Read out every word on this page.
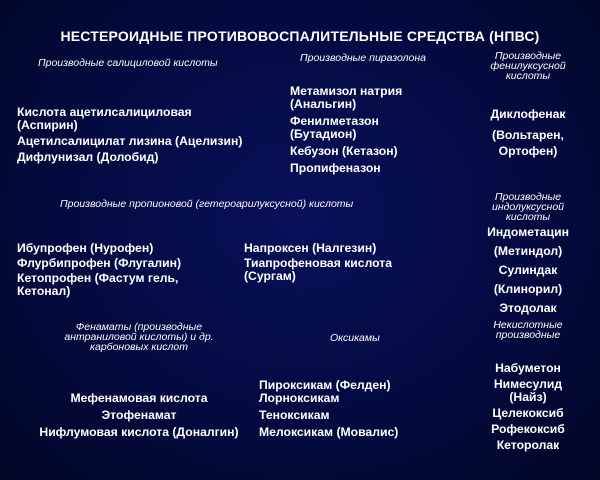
НЕСТЕРОИДНЫЕ ПРОТИВОВОСПАЛИТЕЛЬНЫЕ СРЕДСТВА (НПВС)
Производные салициловой кислоты	Производные пиразолона	Производные
фенилуксусной
кислоты
Кислота ацетилсалициловая
(Аспирин)
Ацетилсалицилат лизина (Ацелизин)
Дифлунизал (Долобид)
Метамизол натрия
(Анальгин)
Фенилметазон
(Бутадион)
Кебузон (Кетазон)
Пропифеназон
Диклофенак
(Вольтарен,
Ортофен)
Производные пропионовой (гетероарилуксусной) кислоты
Производные
индолуксусной
кислоты
Ибупрофен (Нурофен)
Флурбипрофен (Флугалин)
Кетопрофен (Фастум гель,
Кетонал)
Напроксен (Налгезин)
Тиапрофеновая кислота
(Сургам)
Индометацин
(Метиндол)
Сулиндак
(Клинорил)
Этодолак
Фенаматы (производные
антраниловой кислоты) и др.
карбоновых кислот
Оксикамы
Некислотные
производные
Мефенамовая кислота
Этофенамат
Нифлумовая кислота (Доналгин)
Пироксикам (Фелден)
Лорноксикам
Теноксикам
Мелоксикам (Мовалис)
Набуметон
Нимесулид
(Найз)
Целекоксиб
Рофекоксиб
Кеторолак
